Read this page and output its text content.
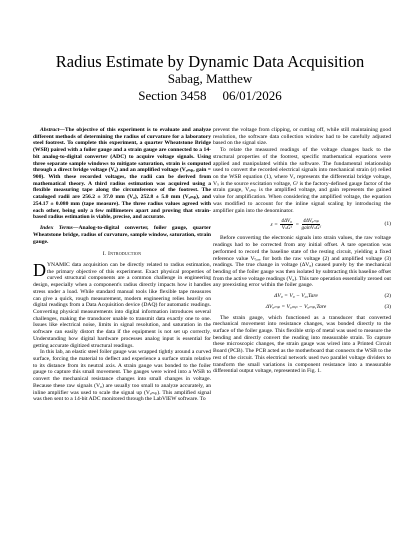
Radius Estimate by Dynamic Data Acquisition
Sabag, Matthew
Section 3458 06/01/2026

Abstract—The objective of this experiment is to evaluate and analyze different methods of determining the radius of curvature for a laboratory steel footrest. To complete this experiment, a quarter Wheatstone Bridge (WSB) paired with a foiler gauge and a strain gauge are connected to a 14-bit analog-to-digital converter (ADC) to acquire voltage signals. Using three separate sample windows to mitigate saturation, strain is computed through a direct bridge voltage (V₀) and an amplified voltage (Vₐₘₚ, gain = 900). With these recorded voltages, the radii can be derived from mathematical theory. A third radius estimation was acquired using a flexible measuring tape along the circumference of the footrest. The cataloged radii are 256.2 ± 37.0 mm (V₀), 252.8 ± 5.0 mm (Vₐₘₚ), and 254.17 ± 0.080 mm (tape measure). The three radius values agreed with each other, being only a few millimeters apart and proving that strain-based radius estimation is viable, precise, and accurate.

Index Terms—Analog-to-digital converter, foiler gauge, quarter Wheatstone bridge, radius of curvature, sample window, saturation, strain gauge.

I. Introduction

DYNAMIC data acquisition can be directly related to radius estimation, the primary objective of this experiment. Exact physical properties of curved structural components are a common challenge in engineering design, especially when a component's radius directly impacts how it handles stress under a load. While standard manual tools like flexible tape measures can give a quick, rough measurement, modern engineering relies heavily on digital readings from a Data Acquisition device (DAQ) for automatic readings. Converting physical measurements into digital information introduces several challenges, making the transducer unable to transmit data exactly one to one. Issues like electrical noise, limits in signal resolution, and saturation in the software can easily distort the data if the equipment is not set up correctly. Understanding how digital hardware processes analog input is essential for getting accurate digitized structural readings.

In this lab, an elastic steel foiler gauge was wrapped tightly around a curved surface, forcing the material to deflect and experience a surface strain relative to its distance from its neutral axis. A strain gauge was bonded to the foiler gauge to capture this small movement. The gauges were wired into a WSB to convert the mechanical resistance changes into small changes in voltage. Because these raw signals (V₀) are usually too small to analyze accurately, an inline amplifier was used to scale the signal up (Vₐₘₚ). This amplified signal was then sent to a 14-bit ADC monitored through the LabVIEW software. To

prevent the voltage from clipping, or cutting off, while still maintaining good resolution, the software data collection window had to be carefully adjusted based on the signal size.

To relate the measured readings of the voltage changes back to the structural properties of the footrest, specific mathematical equations were applied and manipulated within the software. The fundamental relationship used to convert the recorded electrical signals into mechanical strain (ε) relied on the WSB equation (1), where Vₐ represents the differential bridge voltage, Vₛ is the source excitation voltage, Gᶠ is the factory-defined gauge factor of the strain gauge, Vₐₘₚ is the amplified voltage, and gain represents the gained value for amplification. When considering the amplified voltage, the equation was modified to account for the inline signal scaling by introducing the amplifier gain into the denominator.

$\varepsilon = \frac{\text{4ΔV₀}}{\text{VₛGᶠ}} = \frac{\text{4ΔVₐₘₚ}}{\text{gainVₛGᶠ}}$	(1)

Before converting the electronic signals into strain values, the raw voltage readings had to be corrected from any initial offset. A tare operation was performed to record the baseline state of the resting circuit, yielding a fixed reference value Vₜₐᵣₑ for both the raw voltage (2) and amplified voltage (3) readings. The true change in voltage (ΔV₀) caused purely by the mechanical bending of the foiler gauge was then isolated by subtracting this baseline offset from the active voltage readings (V₀). This tare operation essentially zeroed out any preexisting error within the foiler gauge.

ΔV₀ = V₀ − V₀,Tare	(2)
ΔVₐₘₚ = Vₐₘₚ − Vₐₘₚ,Tare	(3)

The strain gauge, which functioned as a transducer that converted mechanical movement into resistance changes, was bonded directly to the surface of the foiler gauge. This flexible strip of metal was used to measure the bending and directly convert the reading into measurable strain. To capture these microscopic changes, the strain gauge was wired into a Printed Circuit Board (PCB). The PCB acted as the motherboard that connects the WSB to the rest of the circuit. This electrical network used two parallel voltage dividers to transform the small variations in component resistance into a measurable differential output voltage, represented in Fig. 1.
